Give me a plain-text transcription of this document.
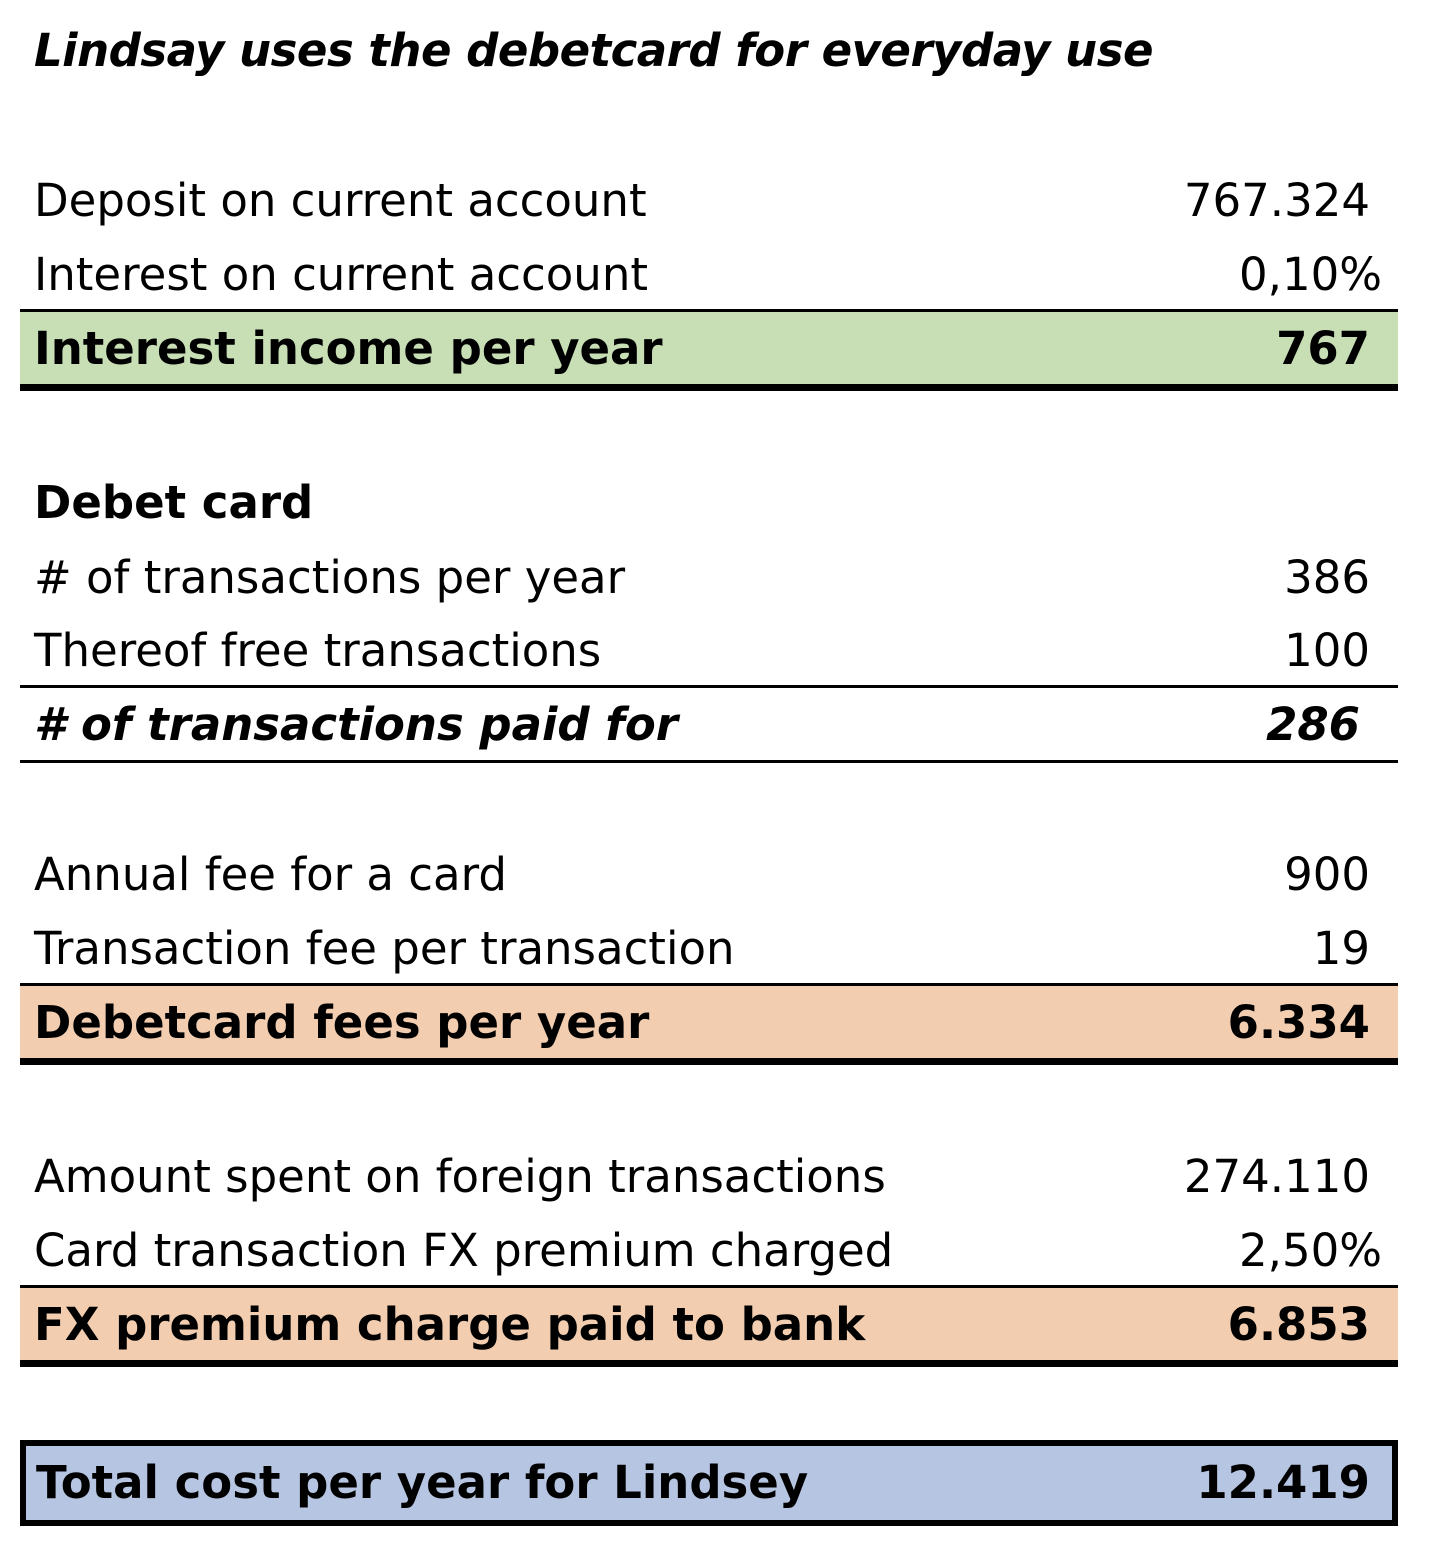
Lindsay uses the debetcard for everyday use
Deposit on current account	767.324
Interest on current account	0,10%
Interest income per year	767
Debet card
# of transactions per year	386
Thereof free transactions	100
# of transactions paid for	286
Annual fee for a card	900
Transaction fee per transaction	19
Debetcard fees per year	6.334
Amount spent on foreign transactions	274.110
Card transaction FX premium charged	2,50%
FX premium charge paid to bank	6.853
Total cost per year for Lindsey	12.419
